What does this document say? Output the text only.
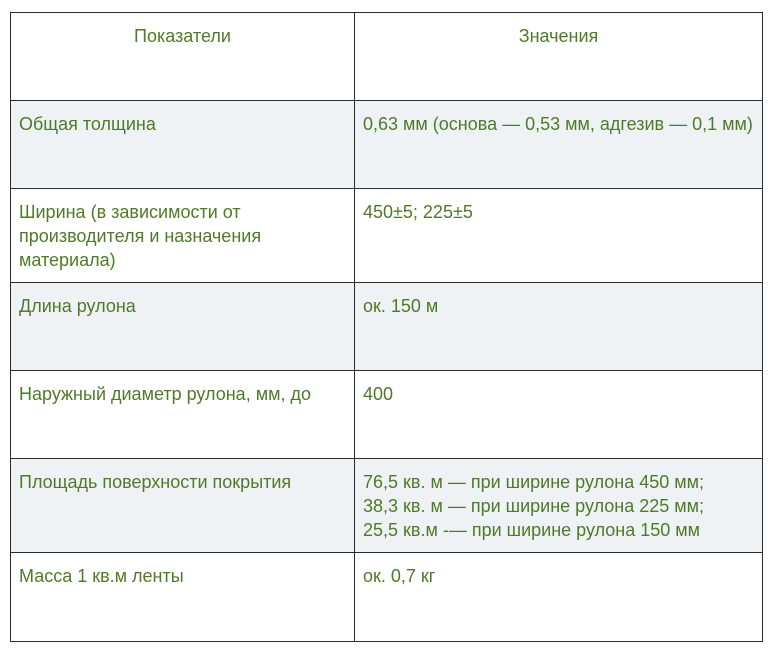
Показатели	Значения
Общая толщина	0,63 мм (основа — 0,53 мм, адгезив — 0,1 мм)
Ширина (в зависимости от производителя и назначения материала)	450±5; 225±5
Длина рулона	ок. 150 м
Наружный диаметр рулона, мм, до	400
Площадь поверхности покрытия	76,5 кв. м — при ширине рулона 450 мм;
38,3 кв. м — при ширине рулона 225 мм;
25,5 кв.м -— при ширине рулона 150 мм
Масса 1 кв.м ленты	ок. 0,7 кг
